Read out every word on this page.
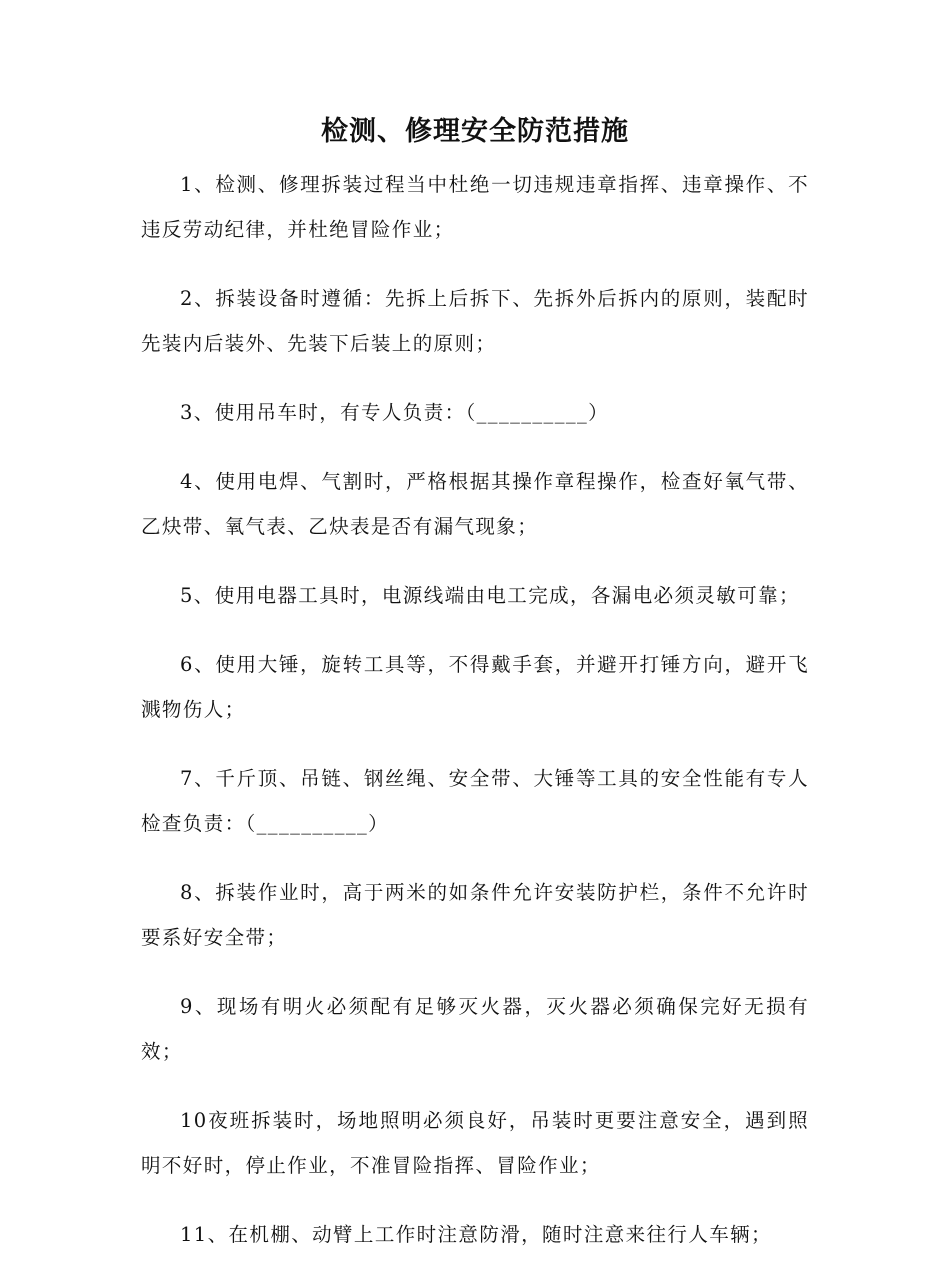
检测、修理安全防范措施

1、检测、修理拆装过程当中杜绝一切违规违章指挥、违章操作、不违反劳动纪律，并杜绝冒险作业；

2、拆装设备时遵循：先拆上后拆下、先拆外后拆内的原则，装配时先装内后装外、先装下后装上的原则；

3、使用吊车时，有专人负责：（__________）

4、使用电焊、气割时，严格根据其操作章程操作，检查好氧气带、乙炔带、氧气表、乙炔表是否有漏气现象；

5、使用电器工具时，电源线端由电工完成，各漏电必须灵敏可靠；

6、使用大锤，旋转工具等，不得戴手套，并避开打锤方向，避开飞溅物伤人；

7、千斤顶、吊链、钢丝绳、安全带、大锤等工具的安全性能有专人检查负责：（__________）

8、拆装作业时，高于两米的如条件允许安装防护栏，条件不允许时要系好安全带；

9、现场有明火必须配有足够灭火器，灭火器必须确保完好无损有效；

10夜班拆装时，场地照明必须良好，吊装时更要注意安全，遇到照明不好时，停止作业，不准冒险指挥、冒险作业；

11、在机棚、动臂上工作时注意防滑，随时注意来往行人车辆；
